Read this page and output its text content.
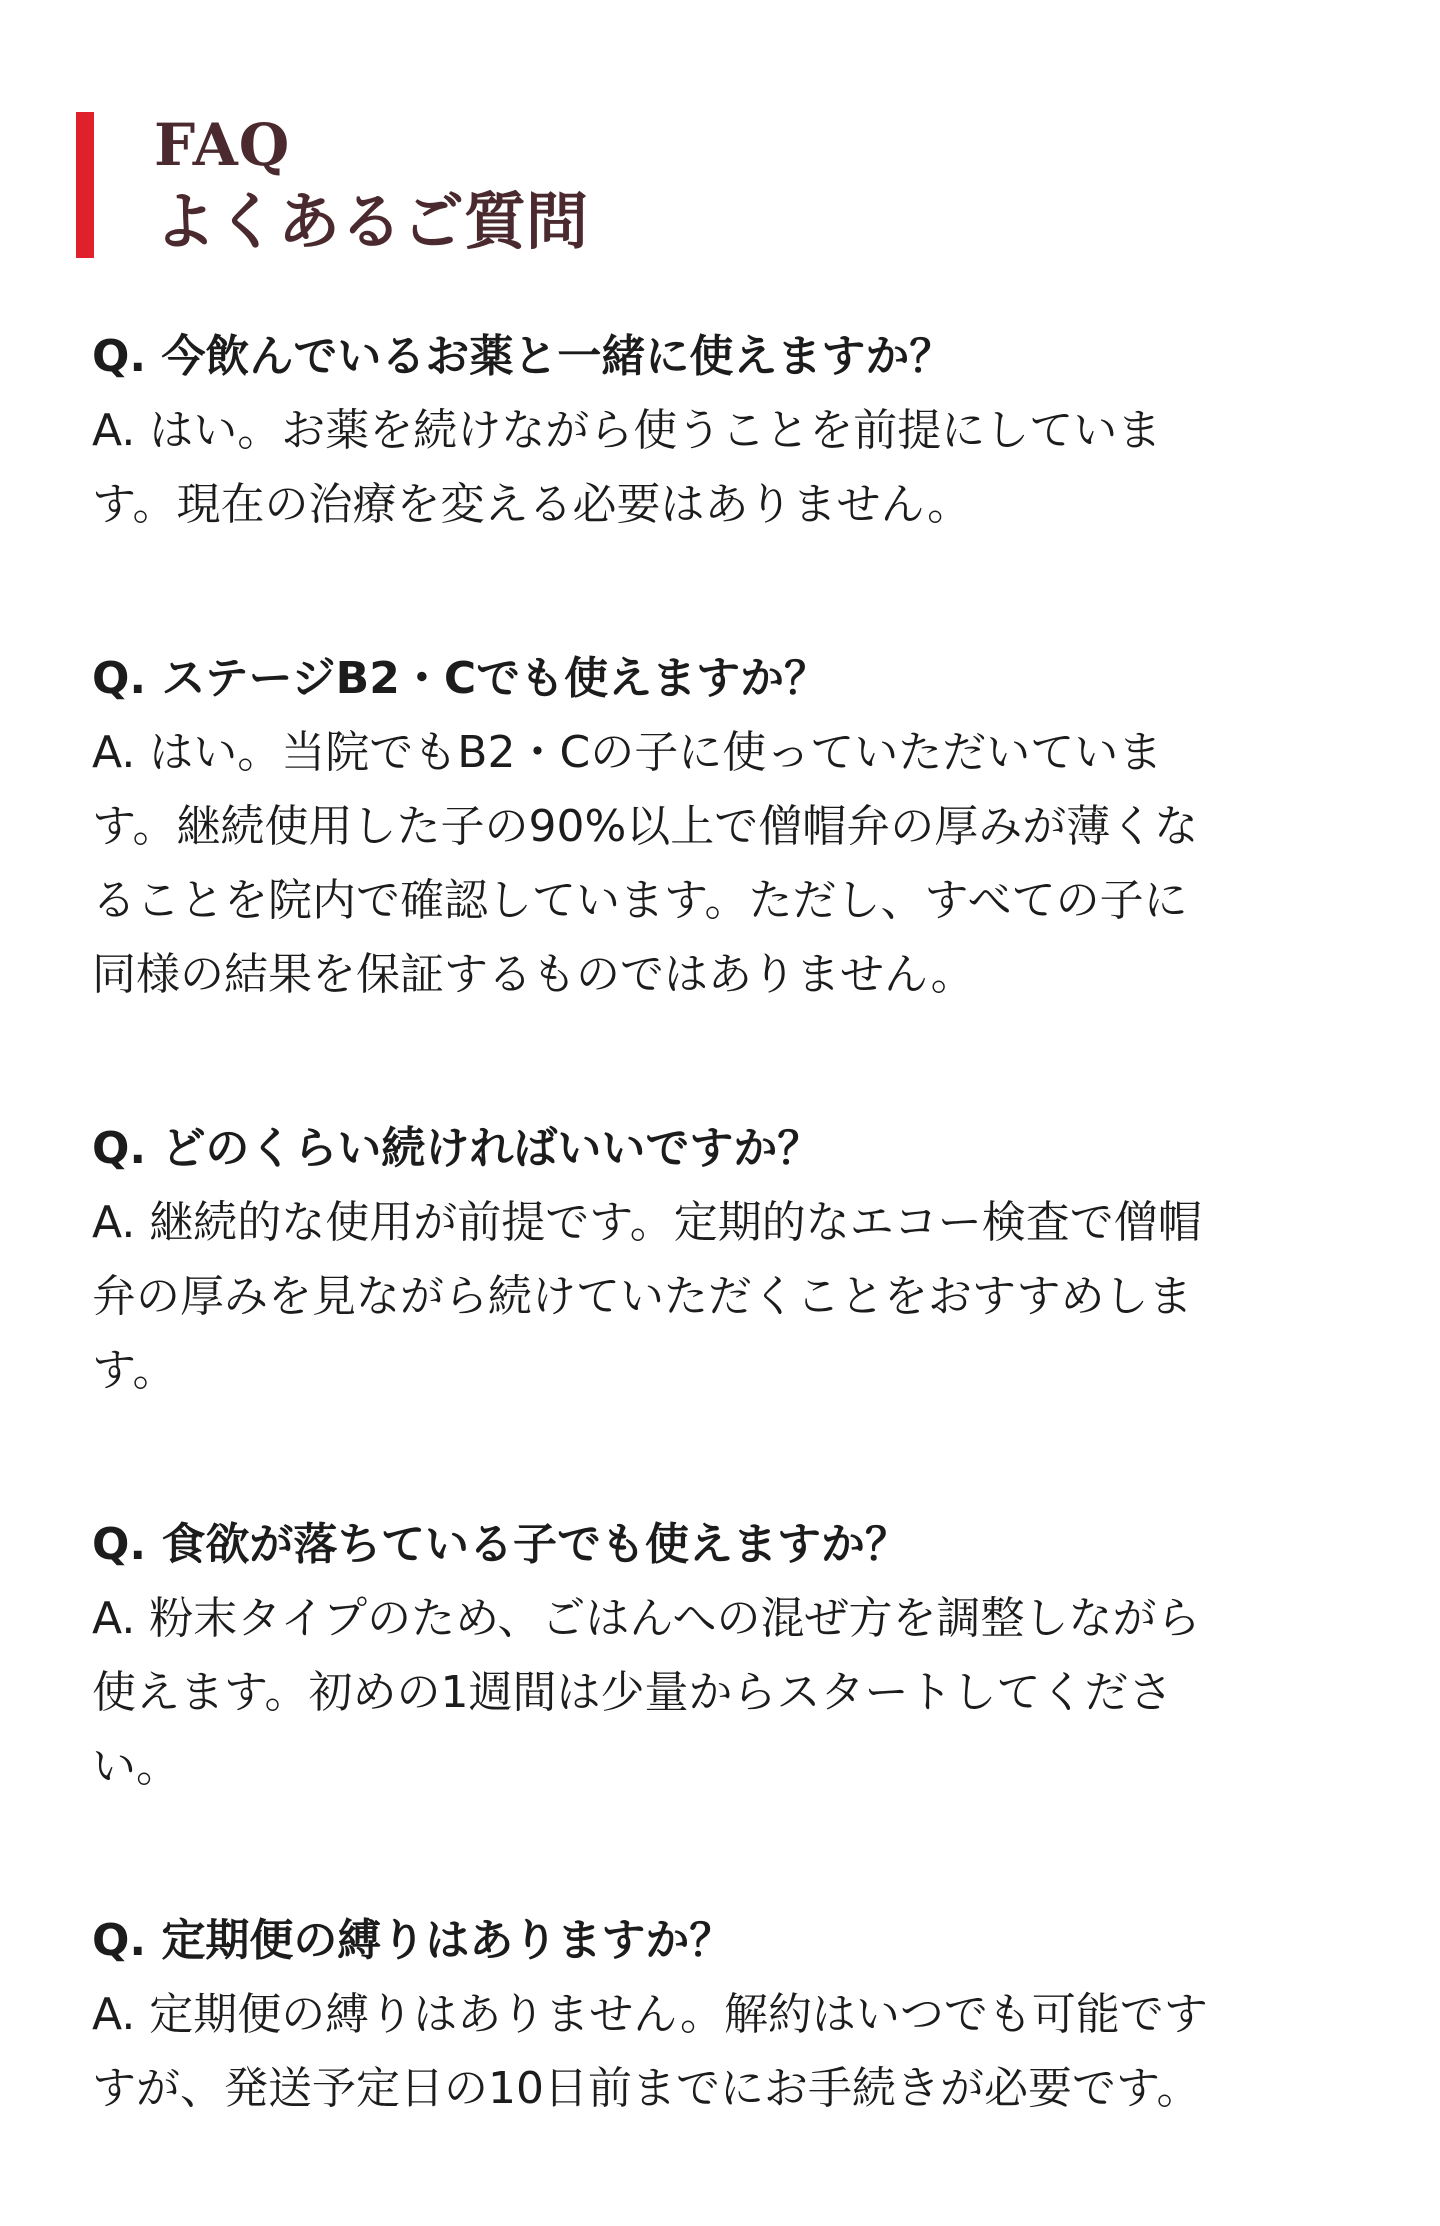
FAQ
よくあるご質問
Q. 今飲んでいるお薬と一緒に使えますか？
A. はい。お薬を続けながら使うことを前提にしていま
す。現在の治療を変える必要はありません。
Q. ステージB2・Cでも使えますか？
A. はい。当院でもB2・Cの子に使っていただいていま
す。継続使用した子の90%以上で僧帽弁の厚みが薄くな
ることを院内で確認しています。ただし、すべての子に
同様の結果を保証するものではありません。
Q. どのくらい続ければいいですか？
A. 継続的な使用が前提です。定期的なエコー検査で僧帽
弁の厚みを見ながら続けていただくことをおすすめしま
す。
Q. 食欲が落ちている子でも使えますか？
A. 粉末タイプのため、ごはんへの混ぜ方を調整しながら
使えます。初めの1週間は少量からスタートしてくださ
い。
Q. 定期便の縛りはありますか？
A. 定期便の縛りはありません。解約はいつでも可能です
すが、発送予定日の10日前までにお手続きが必要です。
